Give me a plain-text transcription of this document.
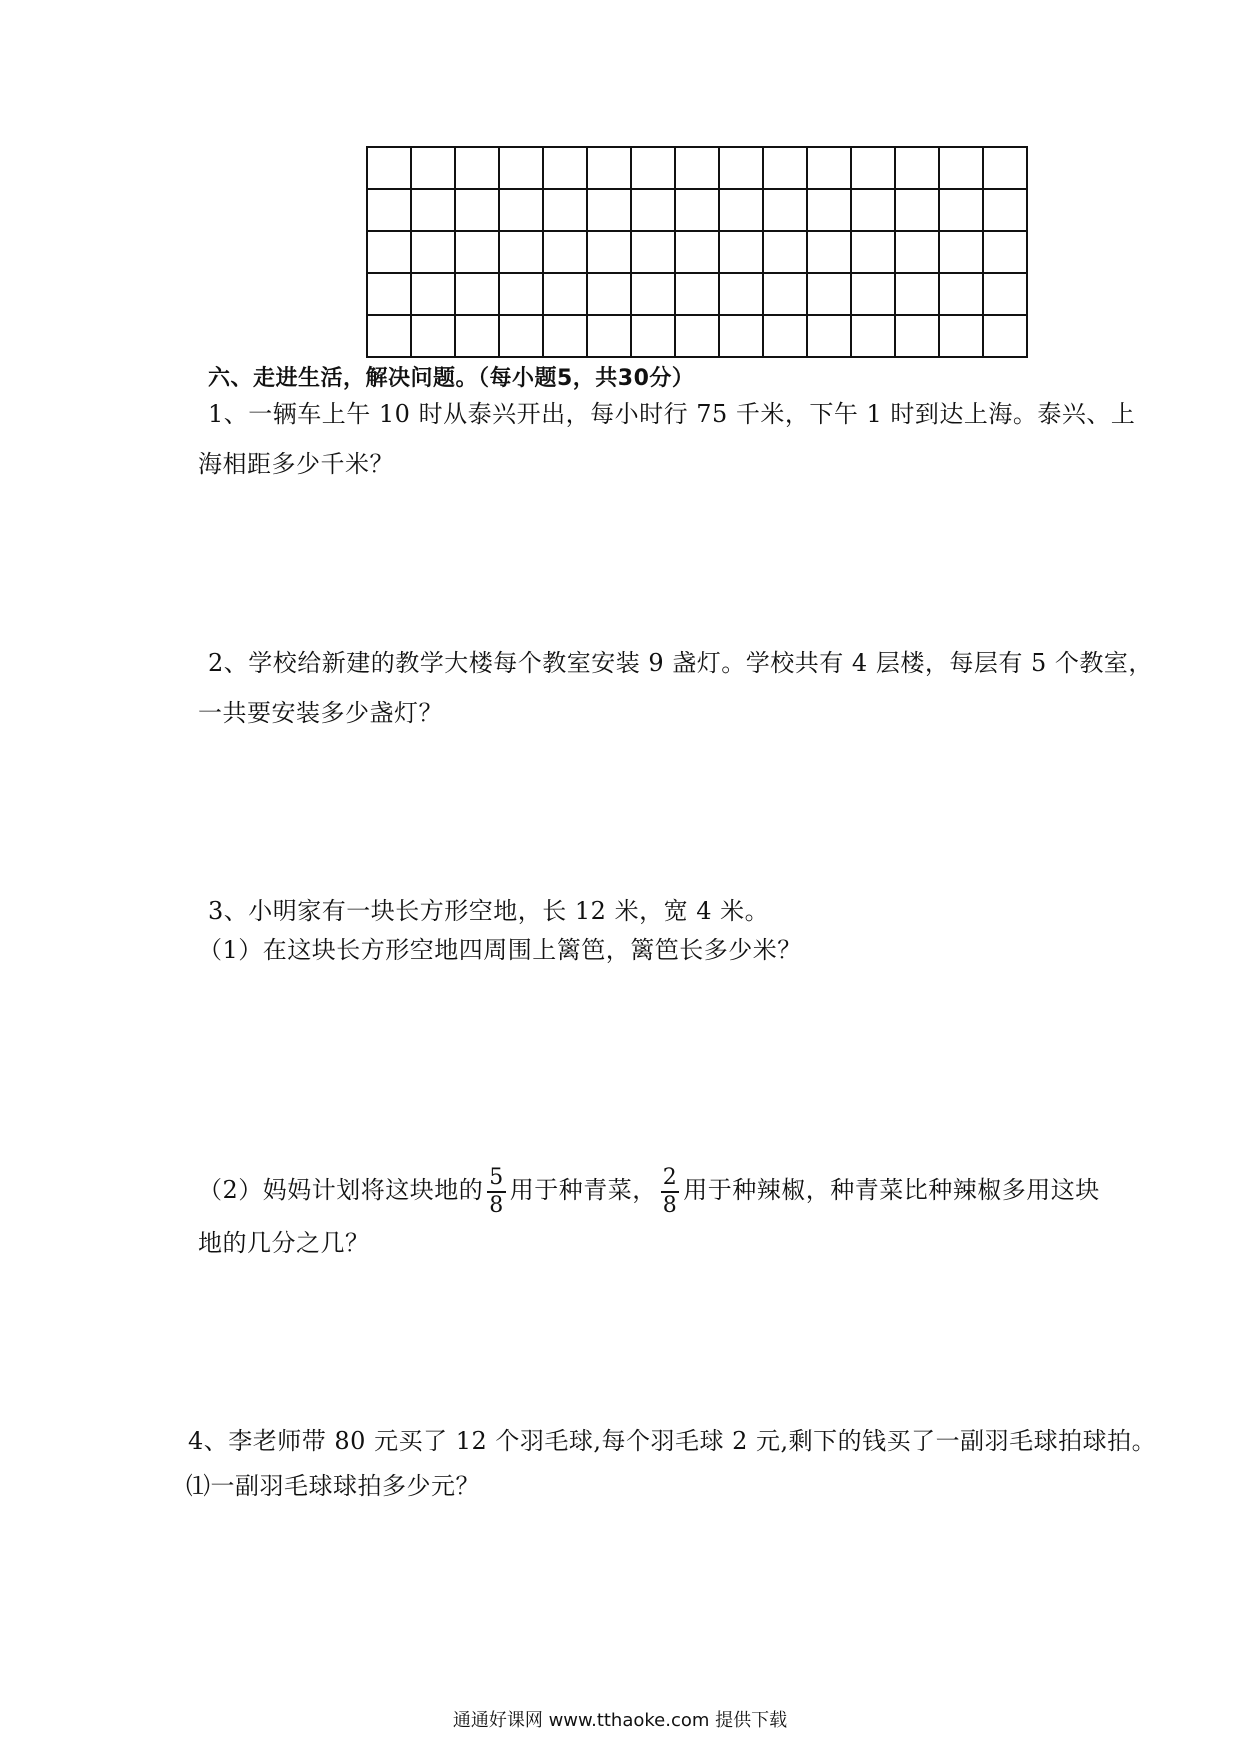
六、走进生活，解决问题。（每小题5，共30分）
1、一辆车上午 10 时从泰兴开出，每小时行 75 千米，下午 1 时到达上海。泰兴、上
海相距多少千米？
2、学校给新建的教学大楼每个教室安装 9 盏灯。学校共有 4 层楼，每层有 5 个教室，
一共要安装多少盏灯？
3、小明家有一块长方形空地，长 12 米，宽 4 米。
（1）在这块长方形空地四周围上篱笆，篱笆长多少米？
（2）妈妈计划将这块地的 $\frac{5}{8}$ 用于种青菜， $\frac{2}{8}$ 用于种辣椒，种青菜比种辣椒多用这块
地的几分之几？
4、李老师带 80 元买了 12 个羽毛球,每个羽毛球 2 元,剩下的钱买了一副羽毛球拍球拍。
⑴一副羽毛球球拍多少元？
通通好课网 www.tthaoke.com 提供下载
